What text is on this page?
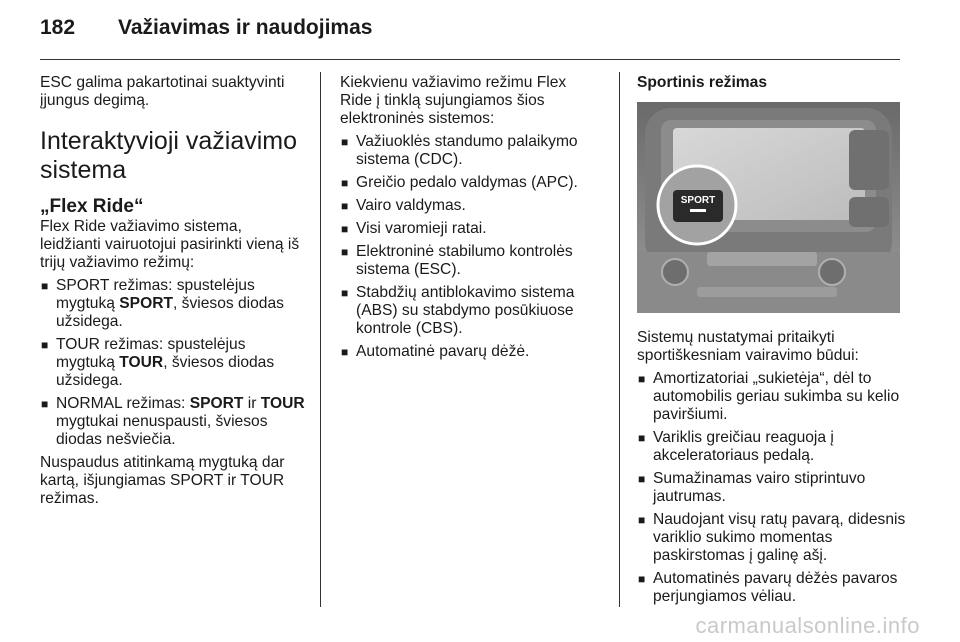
182 Važiavimas ir naudojimas

ESC galima pakartotinai suaktyvinti įjungus degimą.

Interaktyvioji važiavimo sistema
„Flex Ride“

Flex Ride važiavimo sistema, leidžianti vairuotojui pasirinkti vieną iš trijų važiavimo režimų:

■ SPORT režimas: spustelėjus mygtuką SPORT, šviesos diodas užsidega.
■ TOUR režimas: spustelėjus mygtuką TOUR, šviesos diodas užsidega.
■ NORMAL režimas: SPORT ir TOUR mygtukai nenuspausti, šviesos diodas nešviečia.

Nuspaudus atitinkamą mygtuką dar kartą, išjungiamas SPORT ir TOUR režimas.

Kiekvienu važiavimo režimu Flex Ride į tinklą sujungiamos šios elektroninės sistemos:

■ Važiuoklės standumo palaikymo sistema (CDC).
■ Greičio pedalo valdymas (APC).
■ Vairo valdymas.
■ Visi varomieji ratai.
■ Elektroninė stabilumo kontrolės sistema (ESC).
■ Stabdžių antiblokavimo sistema (ABS) su stabdymo posūkiuose kontrole (CBS).
■ Automatinė pavarų dėžė.
Sportinis režimas
SPORT

Sistemų nustatymai pritaikyti sportiškesniam vairavimo būdui:

■ Amortizatoriai „sukietėja“, dėl to automobilis geriau sukimba su kelio paviršiumi.
■ Variklis greičiau reaguoja į akceleratoriaus pedalą.
■ Sumažinamas vairo stiprintuvo jautrumas.
■ Naudojant visų ratų pavarą, didesnis variklio sukimo momentas paskirstomas į galinę ašį.
■ Automatinės pavarų dėžės pavaros perjungiamos vėliau.
carmanualsonline.info
